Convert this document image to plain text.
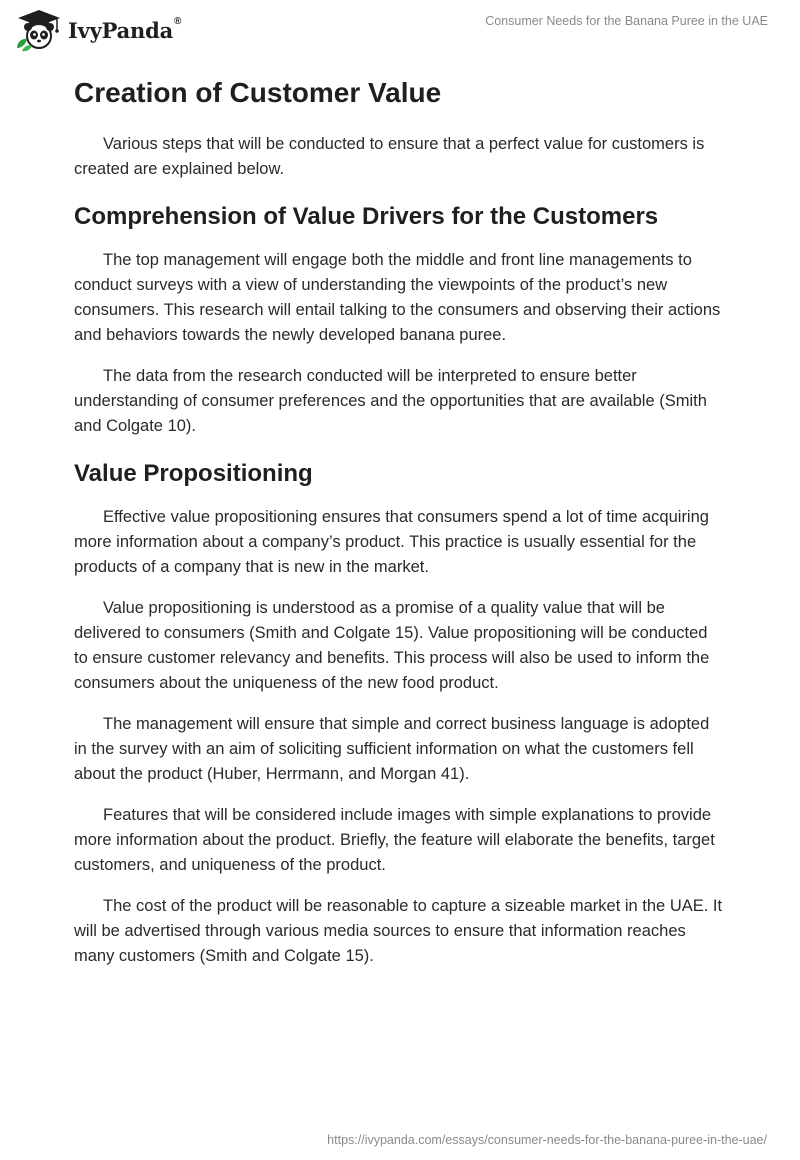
IvyPanda®	Consumer Needs for the Banana Puree in the UAE
Creation of Customer Value

Various steps that will be conducted to ensure that a perfect value for customers is created are explained below.

Comprehension of Value Drivers for the Customers

The top management will engage both the middle and front line managements to conduct surveys with a view of understanding the viewpoints of the product’s new consumers. This research will entail talking to the consumers and observing their actions and behaviors towards the newly developed banana puree.

The data from the research conducted will be interpreted to ensure better understanding of consumer preferences and the opportunities that are available (Smith and Colgate 10).

Value Propositioning

Effective value propositioning ensures that consumers spend a lot of time acquiring more information about a company’s product. This practice is usually essential for the products of a company that is new in the market.

Value propositioning is understood as a promise of a quality value that will be delivered to consumers (Smith and Colgate 15). Value propositioning will be conducted to ensure customer relevancy and benefits. This process will also be used to inform the consumers about the uniqueness of the new food product.

The management will ensure that simple and correct business language is adopted in the survey with an aim of soliciting sufficient information on what the customers fell about the product (Huber, Herrmann, and Morgan 41).

Features that will be considered include images with simple explanations to provide more information about the product. Briefly, the feature will elaborate the benefits, target customers, and uniqueness of the product.

The cost of the product will be reasonable to capture a sizeable market in the UAE. It will be advertised through various media sources to ensure that information reaches many customers (Smith and Colgate 15).

https://ivypanda.com/essays/consumer-needs-for-the-banana-puree-in-the-uae/
